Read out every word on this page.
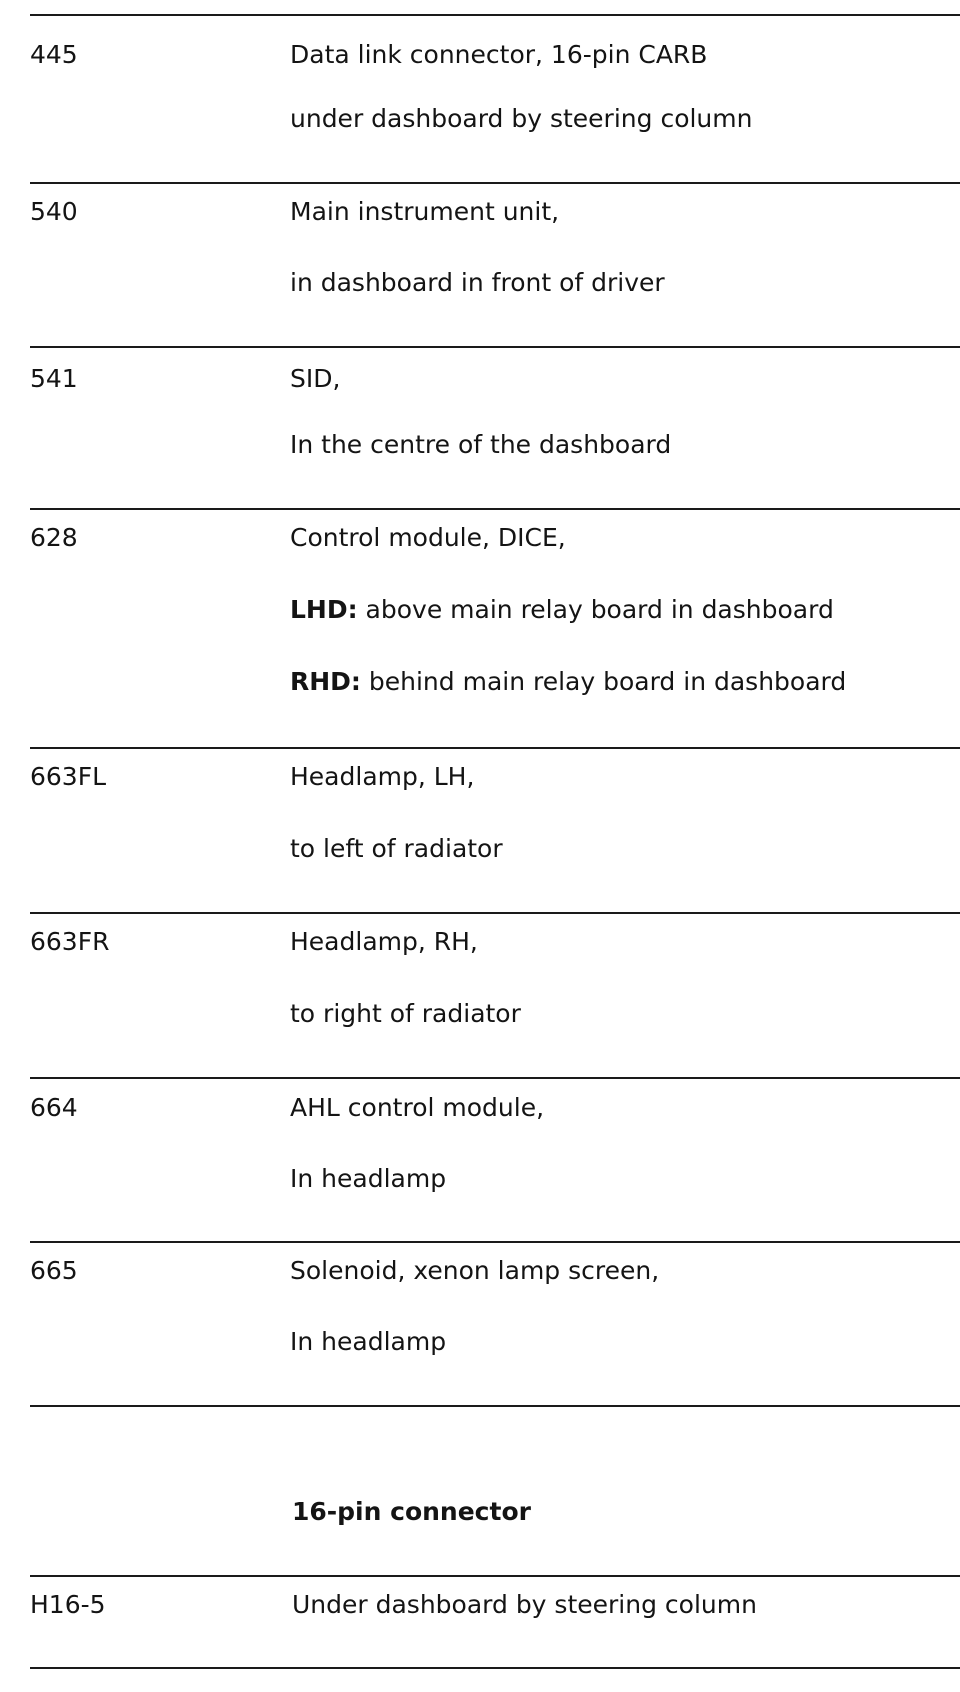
445	Data link connector, 16-pin CARB
under dashboard by steering column
540	Main instrument unit,
in dashboard in front of driver
541	SID,
In the centre of the dashboard
628	Control module, DICE,
LHD: above main relay board in dashboard
RHD: behind main relay board in dashboard
663FL	Headlamp, LH,
to left of radiator
663FR	Headlamp, RH,
to right of radiator
664	AHL control module,
In headlamp
665	Solenoid, xenon lamp screen,
In headlamp
16-pin connector
H16-5	Under dashboard by steering column
